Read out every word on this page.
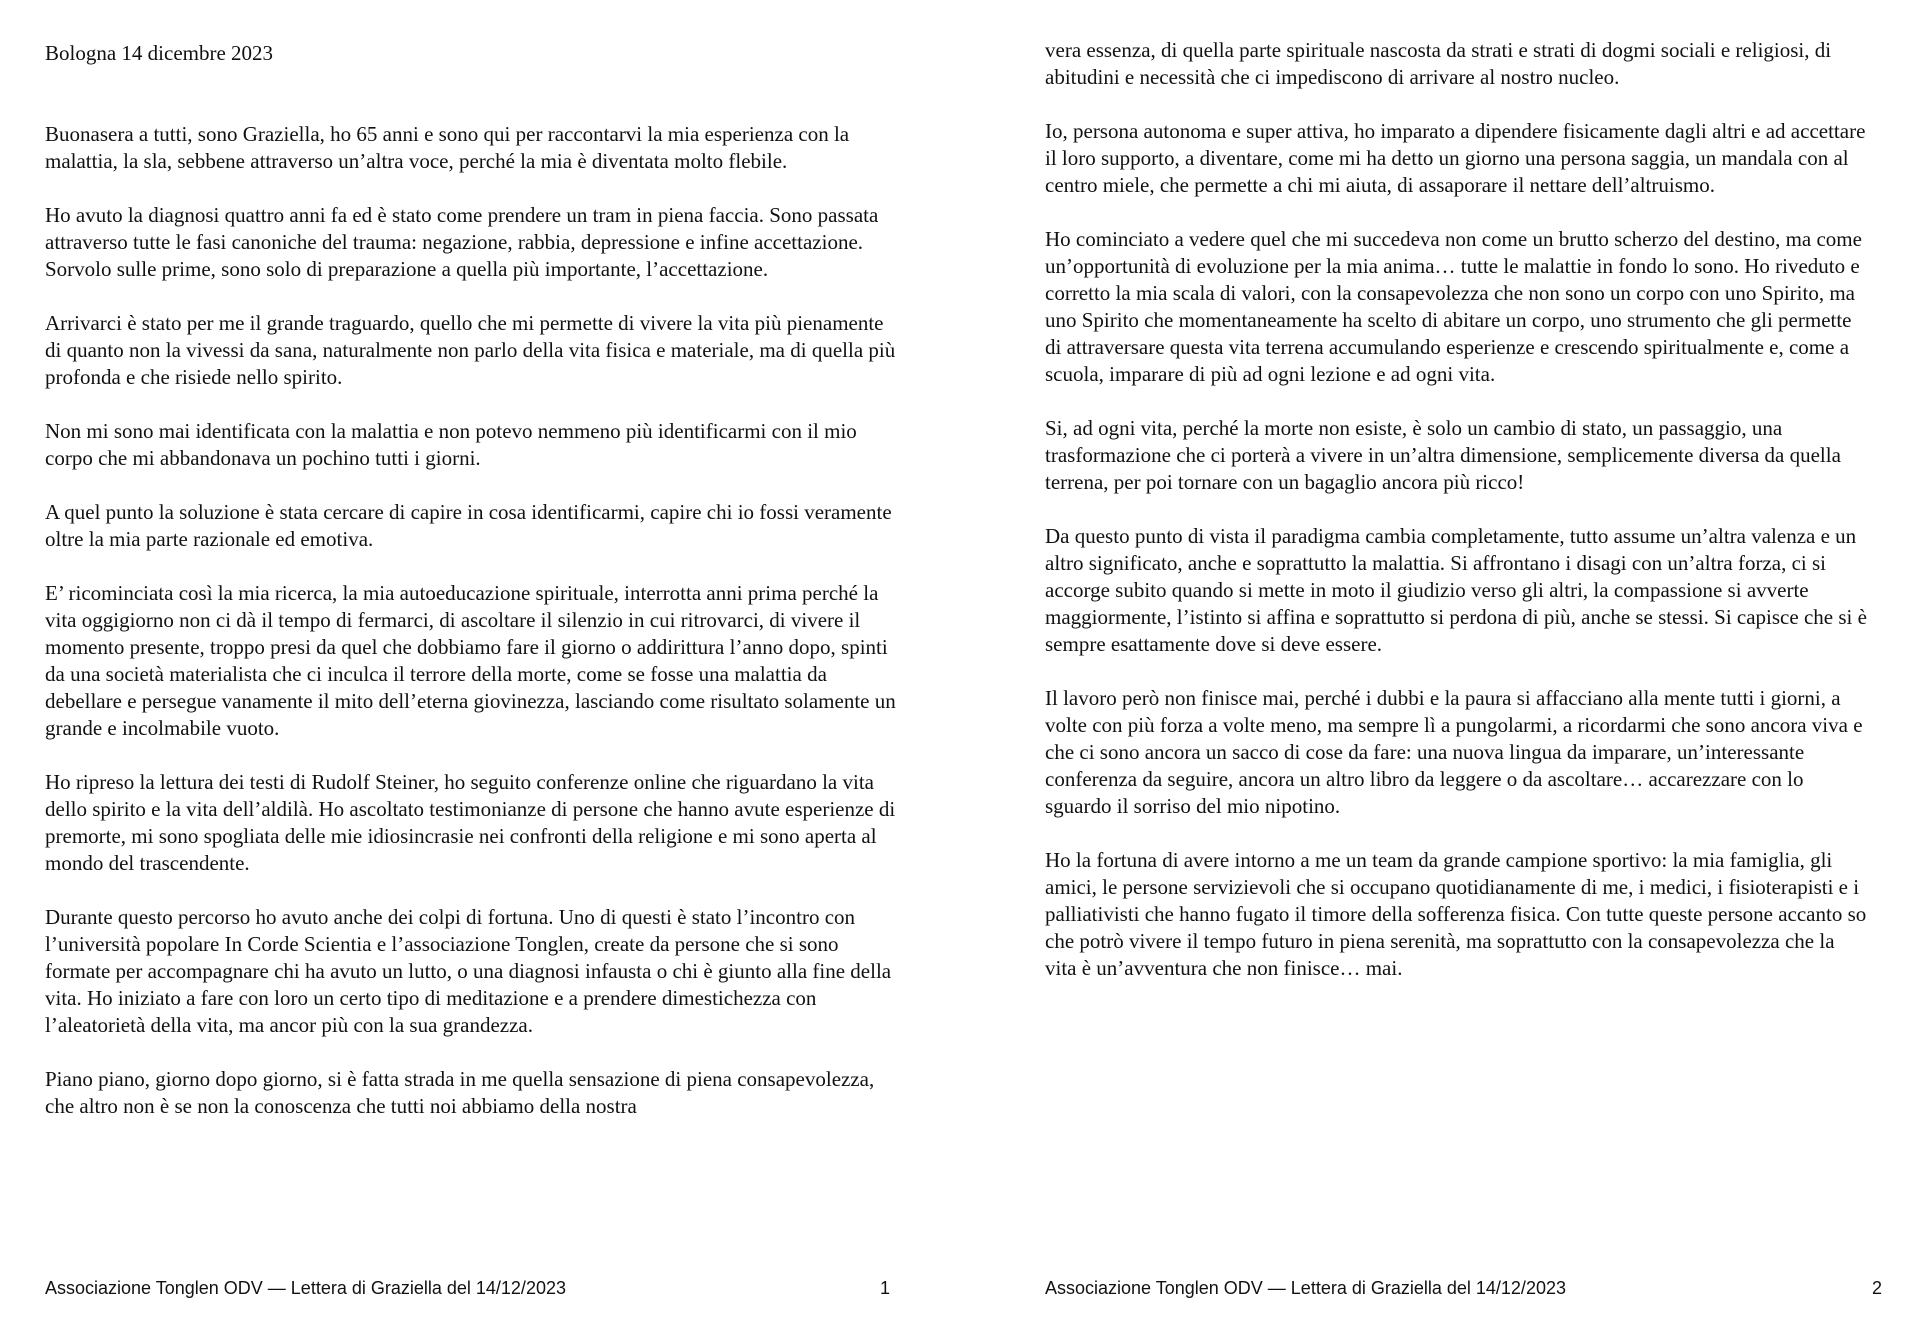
Bologna 14 dicembre 2023

Buonasera a tutti, sono Graziella, ho 65 anni e sono qui per raccontarvi la mia esperienza con la malattia, la sla, sebbene attraverso un’altra voce, perché la mia è diventata molto flebile.

Ho avuto la diagnosi quattro anni fa ed è stato come prendere un tram in piena faccia. Sono passata attraverso tutte le fasi canoniche del trauma: negazione, rabbia, depressione e infine accettazione. Sorvolo sulle prime, sono solo di preparazione a quella più importante, l’accettazione.

Arrivarci è stato per me il grande traguardo, quello che mi permette di vivere la vita più pienamente di quanto non la vivessi da sana, naturalmente non parlo della vita fisica e materiale, ma di quella più profonda e che risiede nello spirito.

Non mi sono mai identificata con la malattia e non potevo nemmeno più identificarmi con il mio corpo che mi abbandonava un pochino tutti i giorni.

A quel punto la soluzione è stata cercare di capire in cosa identificarmi, capire chi io fossi veramente oltre la mia parte razionale ed emotiva.

E’ ricominciata così la mia ricerca, la mia autoeducazione spirituale, interrotta anni prima perché la vita oggigiorno non ci dà il tempo di fermarci, di ascoltare il silenzio in cui ritrovarci, di vivere il momento presente, troppo presi da quel che dobbiamo fare il giorno o addirittura l’anno dopo, spinti da una società materialista che ci inculca il terrore della morte, come se fosse una malattia da debellare e persegue vanamente il mito dell’eterna giovinezza, lasciando come risultato solamente un grande e incolmabile vuoto.

Ho ripreso la lettura dei testi di Rudolf Steiner, ho seguito conferenze online che riguardano la vita dello spirito e la vita dell’aldilà. Ho ascoltato testimonianze di persone che hanno avute esperienze di premorte, mi sono spogliata delle mie idiosincrasie nei confronti della religione e mi sono aperta al mondo del trascendente.

Durante questo percorso ho avuto anche dei colpi di fortuna. Uno di questi è stato l’incontro con l’università popolare In Corde Scientia e l’associazione Tonglen, create da persone che si sono formate per accompagnare chi ha avuto un lutto, o una diagnosi infausta o chi è giunto alla fine della vita. Ho iniziato a fare con loro un certo tipo di meditazione e a prendere dimestichezza con l’aleatorietà della vita, ma ancor più con la sua grandezza.

Piano piano, giorno dopo giorno, si è fatta strada in me quella sensazione di piena consapevolezza, che altro non è se non la conoscenza che tutti noi abbiamo della nostra

Associazione Tonglen ODV — Lettera di Graziella del 14/12/2023	1

vera essenza, di quella parte spirituale nascosta da strati e strati di dogmi sociali e religiosi, di abitudini e necessità che ci impediscono di arrivare al nostro nucleo.

Io, persona autonoma e super attiva, ho imparato a dipendere fisicamente dagli altri e ad accettare il loro supporto, a diventare, come mi ha detto un giorno una persona saggia, un mandala con al centro miele, che permette a chi mi aiuta, di assaporare il nettare dell’altruismo.

Ho cominciato a vedere quel che mi succedeva non come un brutto scherzo del destino, ma come un’opportunità di evoluzione per la mia anima… tutte le malattie in fondo lo sono. Ho riveduto e corretto la mia scala di valori, con la consapevolezza che non sono un corpo con uno Spirito, ma uno Spirito che momentaneamente ha scelto di abitare un corpo, uno strumento che gli permette di attraversare questa vita terrena accumulando esperienze e crescendo spiritualmente e, come a scuola, imparare di più ad ogni lezione e ad ogni vita.

Si, ad ogni vita, perché la morte non esiste, è solo un cambio di stato, un passaggio, una trasformazione che ci porterà a vivere in un’altra dimensione, semplicemente diversa da quella terrena, per poi tornare con un bagaglio ancora più ricco!

Da questo punto di vista il paradigma cambia completamente, tutto assume un’altra valenza e un altro significato, anche e soprattutto la malattia. Si affrontano i disagi con un’altra forza, ci si accorge subito quando si mette in moto il giudizio verso gli altri, la compassione si avverte maggiormente, l’istinto si affina e soprattutto si perdona di più, anche se stessi. Si capisce che si è sempre esattamente dove si deve essere.

Il lavoro però non finisce mai, perché i dubbi e la paura si affacciano alla mente tutti i giorni, a volte con più forza a volte meno, ma sempre lì a pungolarmi, a ricordarmi che sono ancora viva e che ci sono ancora un sacco di cose da fare: una nuova lingua da imparare, un’interessante conferenza da seguire, ancora un altro libro da leggere o da ascoltare… accarezzare con lo sguardo il sorriso del mio nipotino.

Ho la fortuna di avere intorno a me un team da grande campione sportivo: la mia famiglia, gli amici, le persone servizievoli che si occupano quotidianamente di me, i medici, i fisioterapisti e i palliativisti che hanno fugato il timore della sofferenza fisica. Con tutte queste persone accanto so che potrò vivere il tempo futuro in piena serenità, ma soprattutto con la consapevolezza che la vita è un’avventura che non finisce… mai.

Associazione Tonglen ODV — Lettera di Graziella del 14/12/2023	2
